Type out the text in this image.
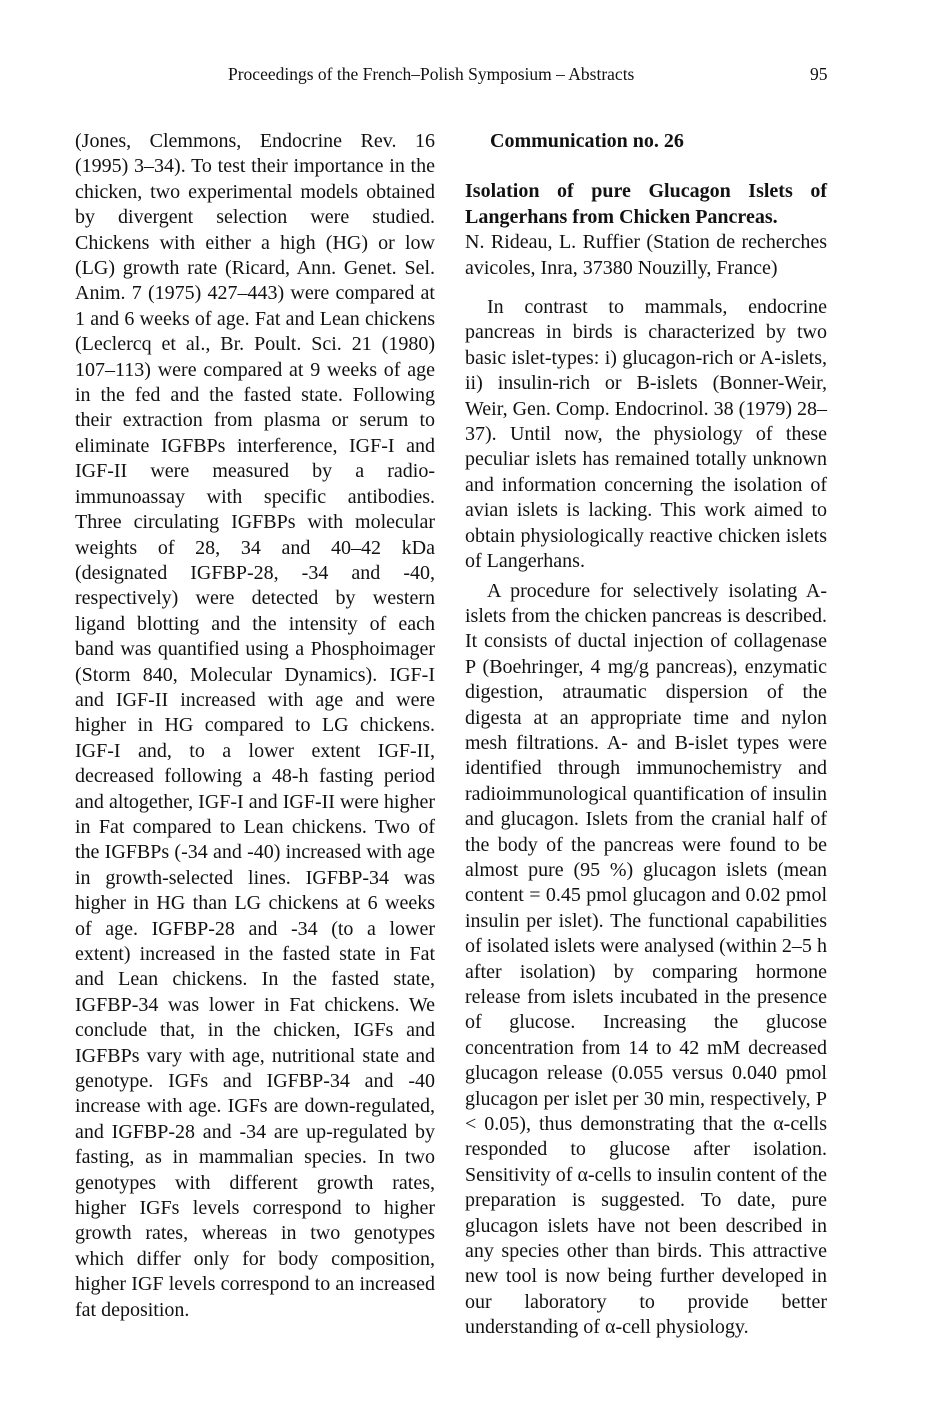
Proceedings of the French–Polish Symposium – Abstracts	95

(Jones, Clemmons, Endocrine Rev. 16 (1995) 3–34). To test their importance in the chicken, two experimental models obtained by divergent selection were studied. Chickens with either a high (HG) or low (LG) growth rate (Ricard, Ann. Genet. Sel. Anim. 7 (1975) 427–443) were compared at 1 and 6 weeks of age. Fat and Lean chickens (Leclercq et al., Br. Poult. Sci. 21 (1980) 107–113) were compared at 9 weeks of age in the fed and the fasted state. Following their extraction from plasma or serum to eliminate IGFBPs interference, IGF-I and IGF-II were measured by a radio-immunoassay with specific antibodies. Three circulating IGFBPs with molecular weights of 28, 34 and 40–42 kDa (designated IGFBP-28, -34 and -40, respectively) were detected by western ligand blotting and the intensity of each band was quantified using a Phosphoimager (Storm 840, Molecular Dynamics). IGF-I and IGF-II increased with age and were higher in HG compared to LG chickens. IGF-I and, to a lower extent IGF-II, decreased following a 48-h fasting period and altogether, IGF-I and IGF-II were higher in Fat compared to Lean chickens. Two of the IGFBPs (-34 and -40) increased with age in growth-selected lines. IGFBP-34 was higher in HG than LG chickens at 6 weeks of age. IGFBP-28 and -34 (to a lower extent) increased in the fasted state in Fat and Lean chickens. In the fasted state, IGFBP-34 was lower in Fat chickens. We conclude that, in the chicken, IGFs and IGFBPs vary with age, nutritional state and genotype. IGFs and IGFBP-34 and -40 increase with age. IGFs are down-regulated, and IGFBP-28 and -34 are up-regulated by fasting, as in mammalian species. In two genotypes with different growth rates, higher IGFs levels correspond to higher growth rates, whereas in two genotypes which differ only for body composition, higher IGF levels correspond to an increased fat deposition.

Communication no. 26

Isolation of pure Glucagon Islets of Langerhans from Chicken Pancreas.

N. Rideau, L. Ruffier (Station de recherches avicoles, Inra, 37380 Nouzilly, France)

In contrast to mammals, endocrine pancreas in birds is characterized by two basic islet-types: i) glucagon-rich or A-islets, ii) insulin-rich or B-islets (Bonner-Weir, Weir, Gen. Comp. Endocrinol. 38 (1979) 28–37). Until now, the physiology of these peculiar islets has remained totally unknown and information concerning the isolation of avian islets is lacking. This work aimed to obtain physiologically reactive chicken islets of Langerhans.

A procedure for selectively isolating A-islets from the chicken pancreas is described. It consists of ductal injection of collagenase P (Boehringer, 4 mg/g pancreas), enzymatic digestion, atraumatic dispersion of the digesta at an appropriate time and nylon mesh filtrations. A- and B-islet types were identified through immunochemistry and radioimmunological quantification of insulin and glucagon. Islets from the cranial half of the body of the pancreas were found to be almost pure (95 %) glucagon islets (mean content = 0.45 pmol glucagon and 0.02 pmol insulin per islet). The functional capabilities of isolated islets were analysed (within 2–5 h after isolation) by comparing hormone release from islets incubated in the presence of glucose. Increasing the glucose concentration from 14 to 42 mM decreased glucagon release (0.055 versus 0.040 pmol glucagon per islet per 30 min, respectively, P < 0.05), thus demonstrating that the α-cells responded to glucose after isolation. Sensitivity of α-cells to insulin content of the preparation is suggested. To date, pure glucagon islets have not been described in any species other than birds. This attractive new tool is now being further developed in our laboratory to provide better understanding of α-cell physiology.
